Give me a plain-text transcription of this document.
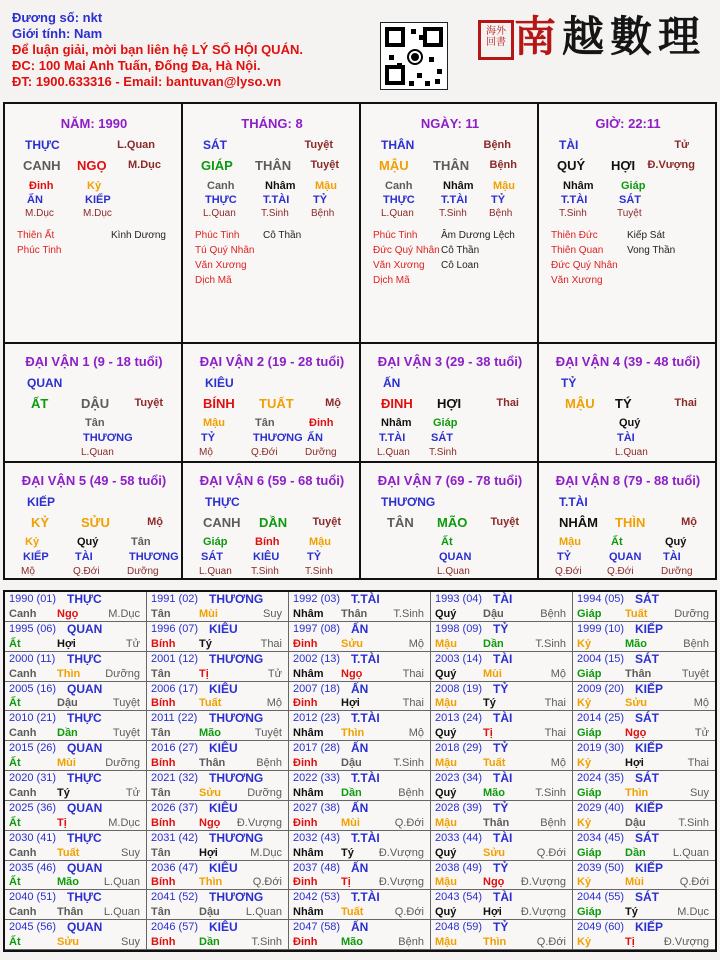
Đương số: nkt
Giới tính: Nam
Để luận giải, mời bạn liên hệ LÝ SỐ HỘI QUÁN.
ĐC: 100 Mai Anh Tuấn, Đống Đa, Hà Nội.
ĐT: 1900.633316 - Email: bantuvan@lyso.vn
海外
回書 南越數理
NĂM: 1990
THỰC	L.Quan
CANH NGỌ M.Dục
Đinh	Kỷ
ẤN	KIẾP
M.Dục	M.Dục
Thiên Ất
Phúc Tinh
Kình Dương
THÁNG: 8
SÁT	Tuyệt
GIÁP THÂN Tuyệt
Canh	Nhâm Mậu
THỰC T.TÀI TỶ
L.Quan	T.Sinh Bệnh
Phúc Tinh
Tú Quý Nhân
Văn Xương
Dịch Mã
Cô Thần
NGÀY: 11
THÂN	Bệnh
MẬU THÂN Bệnh
Canh	Nhâm Mậu
THỰC T.TÀI TỶ
L.Quan	T.Sinh Bệnh
Phúc Tinh
Đức Quý Nhân
Văn Xương
Dịch Mã
Âm Dương Lệch
Cô Thần
Cô Loan
GIỜ: 22:11
TÀI	Tử
QUÝ HỢI Đ.Vượng
Nhâm Giáp
T.TÀI	SÁT
T.Sinh	Tuyệt
Thiên Đức
Thiên Quan
Đức Quý Nhân
Văn Xương
Kiếp Sát
Vong Thần
ĐẠI VẬN 1 (9 - 18 tuổi)
QUAN
ẤT	DẬU Tuyệt
Tân
THƯƠNG
L.Quan
ĐẠI VẬN 2 (19 - 28 tuổi)
KIÊU
BÍNH TUẤT	Mộ
Mậu	Tân	Đinh
TỶ	THƯƠNG ẤN
Mộ	Q.Đới	Dưỡng
ĐẠI VẬN 3 (29 - 38 tuổi)
ẤN
ĐINH HỢI	Thai
Nhâm Giáp
T.TÀI SÁT
L.Quan T.Sinh
ĐẠI VẬN 4 (39 - 48 tuổi)
TỶ
MẬU TÝ	Thai
Quý
TÀI
L.Quan
ĐẠI VẬN 5 (49 - 58 tuổi)
KIẾP
KỶ SỬU	Mộ
Kỷ	Quý	Tân
KIẾP TÀI	THƯƠNG
Mộ	Q.Đới	Dưỡng
ĐẠI VẬN 6 (59 - 68 tuổi)
THỰC
CANH DẦN Tuyệt
Giáp	Bính	Mậu
SÁT	KIÊU	TỶ
L.Quan T.Sinh	T.Sinh
ĐẠI VẬN 7 (69 - 78 tuổi)
THƯƠNG
TÂN MÃO Tuyệt
Ất
QUAN
L.Quan
ĐẠI VẬN 8 (79 - 88 tuổi)
T.TÀI
NHÂM THÌN	Mộ
Mậu	Ất	Quý
TỶ	QUAN TÀI
Q.Đới	Q.Đới	Dưỡng
1990 (01) THỰC
Canh Ngọ	M.Dục
1991 (02) THƯƠNG
Tân	Mùi	Suy
1992 (03) T.TÀI
Nhâm Thân T.Sinh
1993 (04) TÀI
Quý Dậu	Bệnh
1994 (05) SÁT
Giáp Tuất Dưỡng
1995 (06) QUAN
Ất	Hợi	Tử
1996 (07) KIÊU
Bính Tý	Thai
1997 (08) ẤN
Đinh Sửu	Mộ
1998 (09) TỶ
Mậu Dần	T.Sinh
1999 (10) KIẾP
Kỷ	Mão	Bệnh
2000 (11) THỰC
Canh Thìn Dưỡng
2001 (12) THƯƠNG
Tân	Tị	Tử
2002 (13) T.TÀI
Nhâm Ngọ	Thai
2003 (14) TÀI
Quý Mùi	Mộ
2004 (15) SÁT
Giáp Thân	Tuyệt
2005 (16) QUAN
Ất	Dậu	Tuyệt
2006 (17) KIÊU
Bính Tuất	Mộ
2007 (18) ẤN
Đinh Hợi	Thai
2008 (19) TỶ
Mậu Tý	Thai
2009 (20) KIẾP
Kỷ	Sửu	Mộ
2010 (21) THỰC
Canh Dần	Tuyệt
2011 (22) THƯƠNG
Tân	Mão	Tuyệt
2012 (23) T.TÀI
Nhâm Thìn	Mộ
2013 (24) TÀI
Quý Tị	Thai
2014 (25) SÁT
Giáp Ngọ	Tử
2015 (26) QUAN
Ất	Mùi	Dưỡng
2016 (27) KIÊU
Bính Thân	Bệnh
2017 (28) ẤN
Đinh Dậu	T.Sinh
2018 (29) TỶ
Mậu Tuất	Mộ
2019 (30) KIẾP
Kỷ	Hợi	Thai
2020 (31) THỰC
Canh Tý	Tử
2021 (32) THƯƠNG
Tân	Sửu Dưỡng
2022 (33) T.TÀI
Nhâm Dần	Bệnh
2023 (34) TÀI
Quý Mão	T.Sinh
2024 (35) SÁT
Giáp Thìn	Suy
2025 (36) QUAN
Ất	Tị	M.Dục
2026 (37) KIÊU
Bính Ngọ Đ.Vượng
2027 (38) ẤN
Đinh Mùi	Q.Đới
2028 (39) TỶ
Mậu Thân	Bệnh
2029 (40) KIẾP
Kỷ	Dậu	T.Sinh
2030 (41) THỰC
Canh Tuất	Suy
2031 (42) THƯƠNG
Tân	Hợi	M.Dục
2032 (43) T.TÀI
Nhâm Tý Đ.Vượng
2033 (44) TÀI
Quý Sửu	Q.Đới
2034 (45) SÁT
Giáp Dần L.Quan
2035 (46) QUAN
Ất	Mão L.Quan
2036 (47) KIÊU
Bính Thìn	Q.Đới
2037 (48) ẤN
Đinh Tị	Đ.Vượng
2038 (49) TỶ
Mậu Ngọ Đ.Vượng
2039 (50) KIẾP
Kỷ	Mùi	Q.Đới
2040 (51) THỰC
Canh Thân L.Quan
2041 (52) THƯƠNG
Tân	Dậu L.Quan
2042 (53) T.TÀI
Nhâm Tuất	Q.Đới
2043 (54) TÀI
Quý Hợi Đ.Vượng
2044 (55) SÁT
Giáp Tý	M.Dục
2045 (56) QUAN
Ất	Sửu	Suy
2046 (57) KIÊU
Bính Dần	T.Sinh
2047 (58) ẤN
Đinh Mão	Bệnh
2048 (59) TỶ
Mậu Thìn	Q.Đới
2049 (60) KIẾP
Kỷ	Tị	Đ.Vượng
